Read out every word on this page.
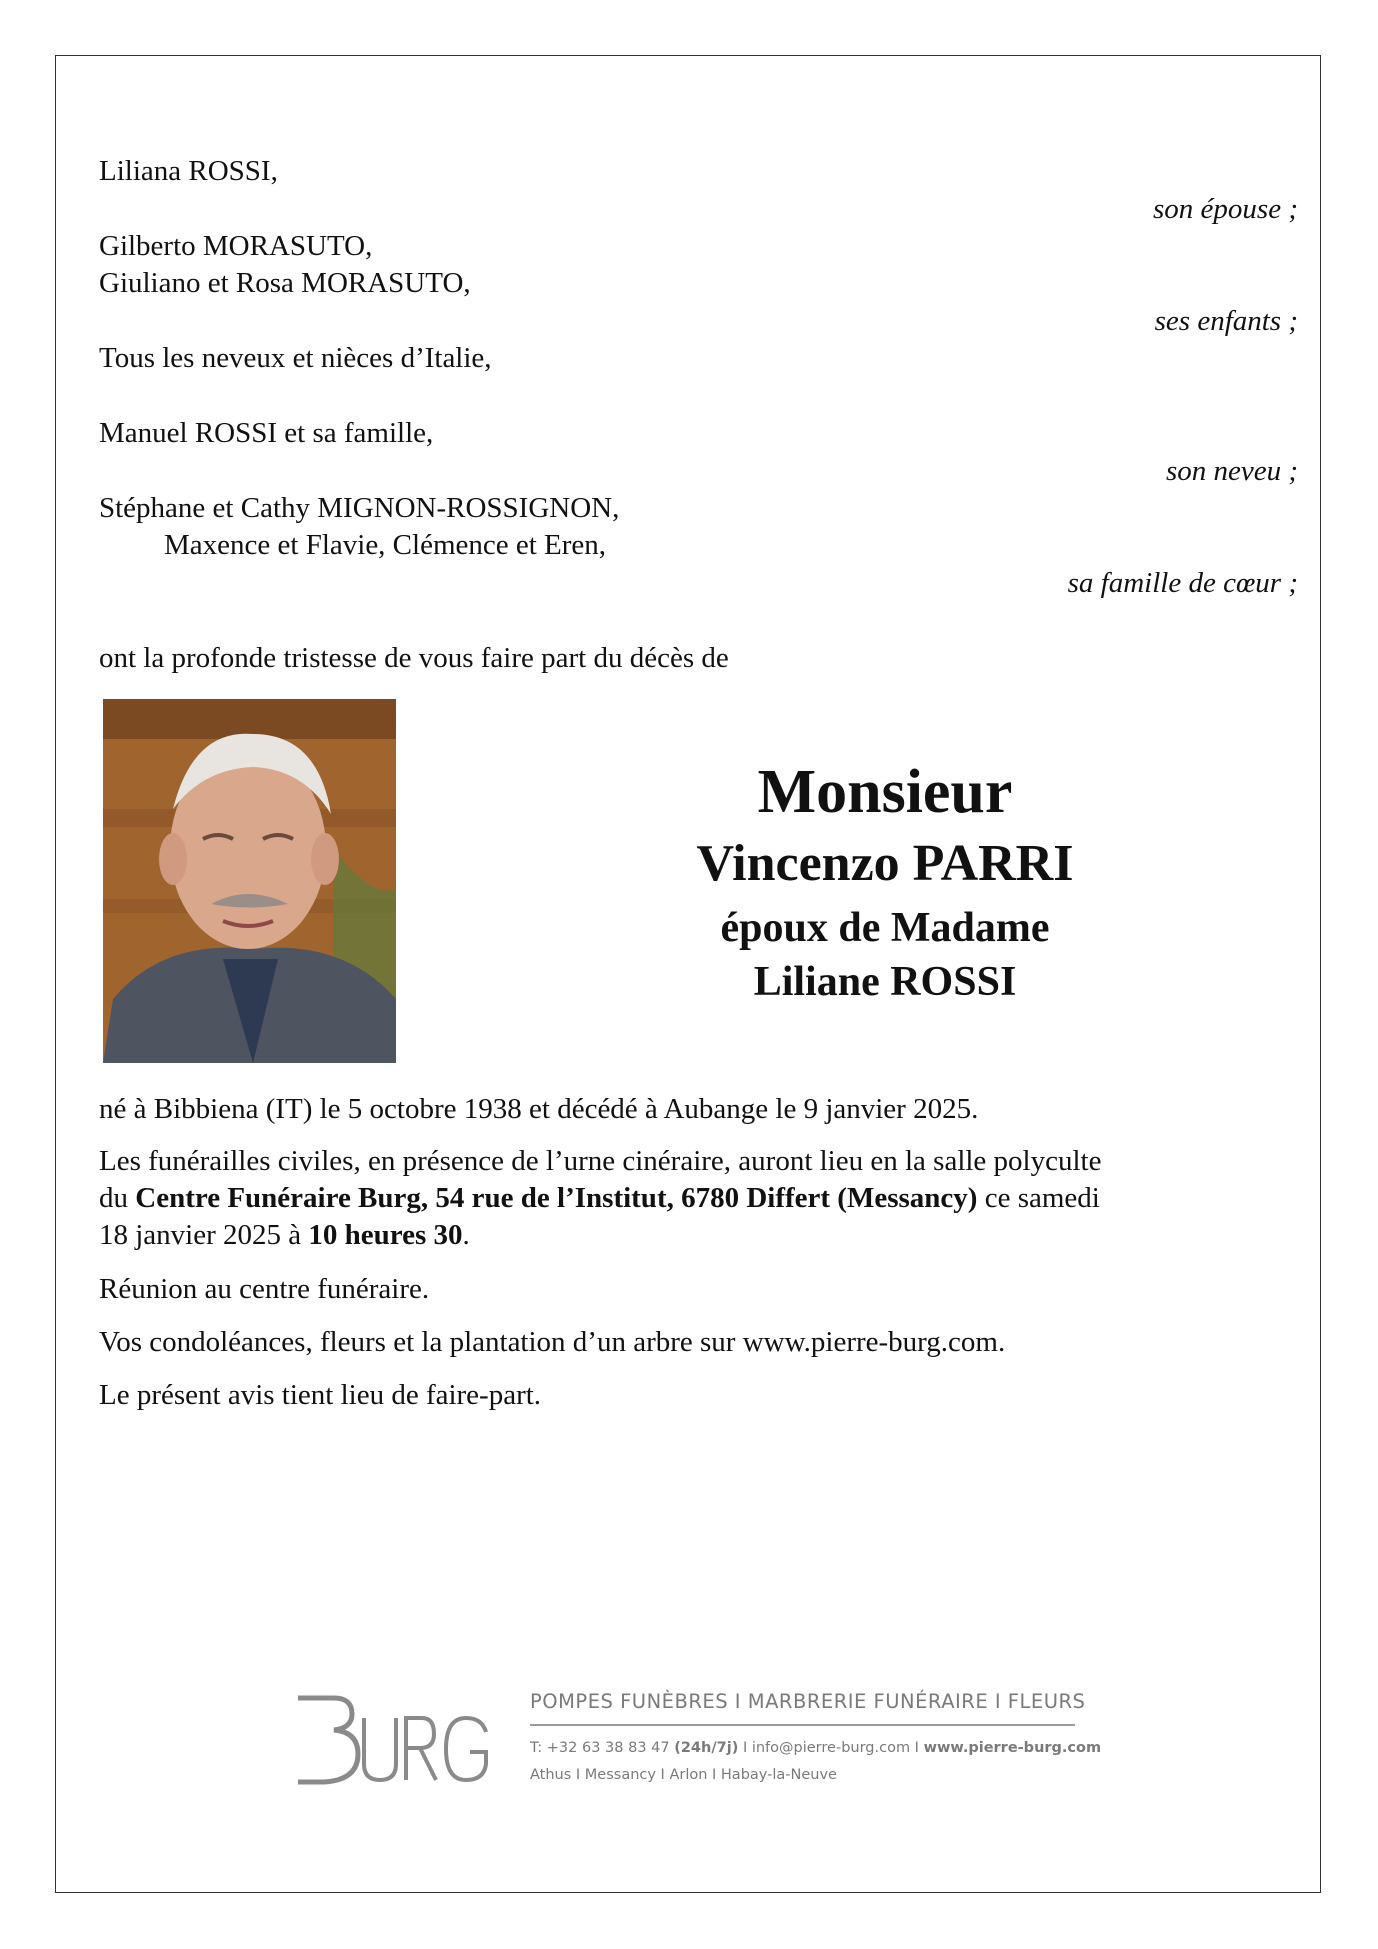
Liliana ROSSI,
son épouse ;
Gilberto MORASUTO,
Giuliano et Rosa MORASUTO,
ses enfants ;
Tous les neveux et nièces d’Italie,
Manuel ROSSI et sa famille,
son neveu ;
Stéphane et Cathy MIGNON-ROSSIGNON,
Maxence et Flavie, Clémence et Eren,
sa famille de cœur ;
ont la profonde tristesse de vous faire part du décès de
Monsieur
Vincenzo PARRI
époux de Madame
Liliane ROSSI
né à Bibbiena (IT) le 5 octobre 1938 et décédé à Aubange le 9 janvier 2025.
Les funérailles civiles, en présence de l’urne cinéraire, auront lieu en la salle polyculte
du Centre Funéraire Burg, 54 rue de l’Institut, 6780 Differt (Messancy) ce samedi
18 janvier 2025 à 10 heures 30.
Réunion au centre funéraire.
Vos condoléances, fleurs et la plantation d’un arbre sur www.pierre-burg.com.
Le présent avis tient lieu de faire-part.
POMPES FUNÈBRES I MARBRERIE FUNÉRAIRE I FLEURS
T: +32 63 38 83 47 (24h/7j) I info@pierre-burg.com I www.pierre-burg.com
Athus I Messancy I Arlon I Habay-la-Neuve
